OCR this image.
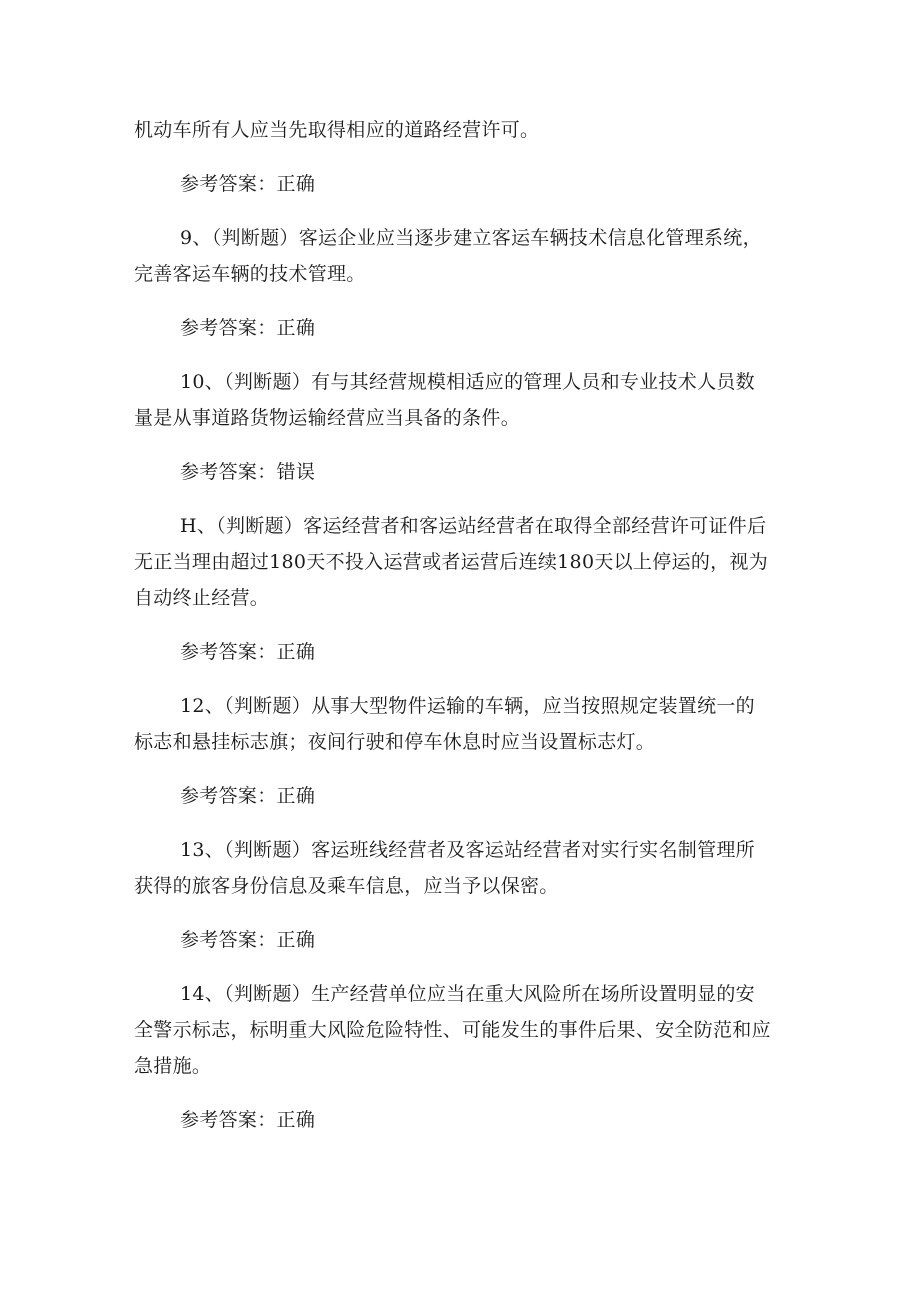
机动车所有人应当先取得相应的道路经营许可。

参考答案：正确

9、（判断题）客运企业应当逐步建立客运车辆技术信息化管理系统，

完善客运车辆的技术管理。

参考答案：正确

10、（判断题）有与其经营规模相适应的管理人员和专业技术人员数

量是从事道路货物运输经营应当具备的条件。

参考答案：错误

H、（判断题）客运经营者和客运站经营者在取得全部经营许可证件后

无正当理由超过180天不投入运营或者运营后连续180天以上停运的，视为

自动终止经营。

参考答案：正确

12、（判断题）从事大型物件运输的车辆，应当按照规定装置统一的

标志和悬挂标志旗；夜间行驶和停车休息时应当设置标志灯。

参考答案：正确

13、（判断题）客运班线经营者及客运站经营者对实行实名制管理所

获得的旅客身份信息及乘车信息，应当予以保密。

参考答案：正确

14、（判断题）生产经营单位应当在重大风险所在场所设置明显的安

全警示标志，标明重大风险危险特性、可能发生的事件后果、安全防范和应

急措施。

参考答案：正确
